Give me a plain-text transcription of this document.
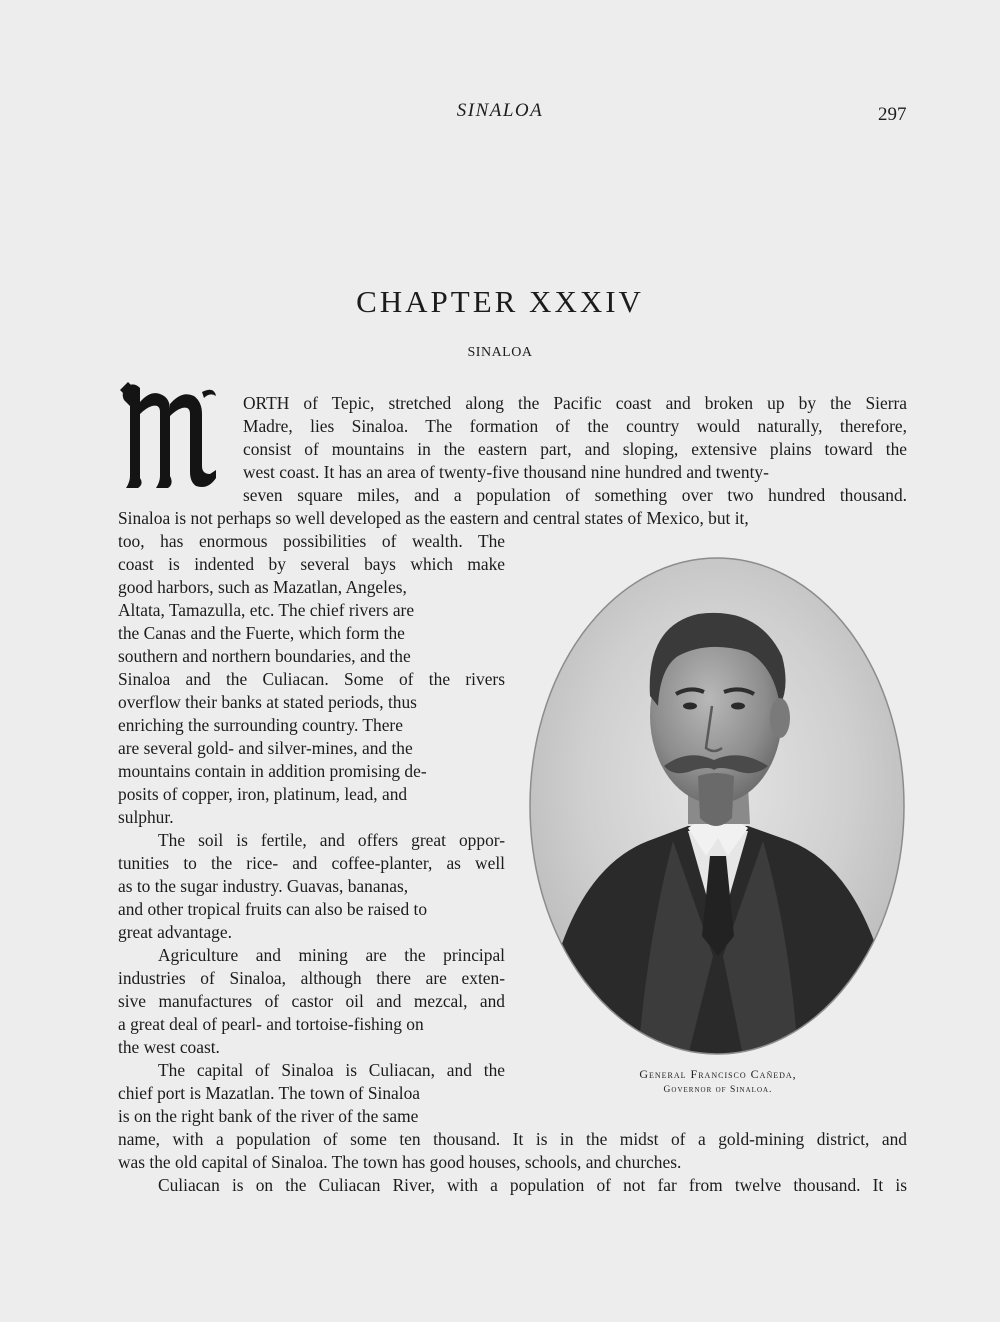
SINALOA	297
CHAPTER XXXIV
SINALOA
ORTH of Tepic, stretched along the Pacific coast and broken up by the Sierra
Madre, lies Sinaloa. The formation of the country would naturally, therefore,
consist of mountains in the eastern part, and sloping, extensive plains toward the
west coast. It has an area of twenty-five thousand nine hundred and twenty-
seven square miles, and a population of something over two hundred thousand.
Sinaloa is not perhaps so well developed as the eastern and central states of Mexico, but it,
too, has enormous possibilities of wealth. The
coast is indented by several bays which make
good harbors, such as Mazatlan, Angeles,
Altata, Tamazulla, etc. The chief rivers are
the Canas and the Fuerte, which form the
southern and northern boundaries, and the
Sinaloa and the Culiacan. Some of the rivers
overflow their banks at stated periods, thus
enriching the surrounding country. There
are several gold- and silver-mines, and the
mountains contain in addition promising de-
posits of copper, iron, platinum, lead, and
sulphur.
The soil is fertile, and offers great oppor-
tunities to the rice- and coffee-planter, as well
as to the sugar industry. Guavas, bananas,
and other tropical fruits can also be raised to
great advantage.
Agriculture and mining are the principal
industries of Sinaloa, although there are exten-
sive manufactures of castor oil and mezcal, and
a great deal of pearl- and tortoise-fishing on
the west coast.
The capital of Sinaloa is Culiacan, and the
chief port is Mazatlan. The town of Sinaloa
is on the right bank of the river of the same
name, with a population of some ten thousand. It is in the midst of a gold-mining district, and
was the old capital of Sinaloa. The town has good houses, schools, and churches.
Culiacan is on the Culiacan River, with a population of not far from twelve thousand. It is
General Francisco Cañeda,
Governor of Sinaloa.
